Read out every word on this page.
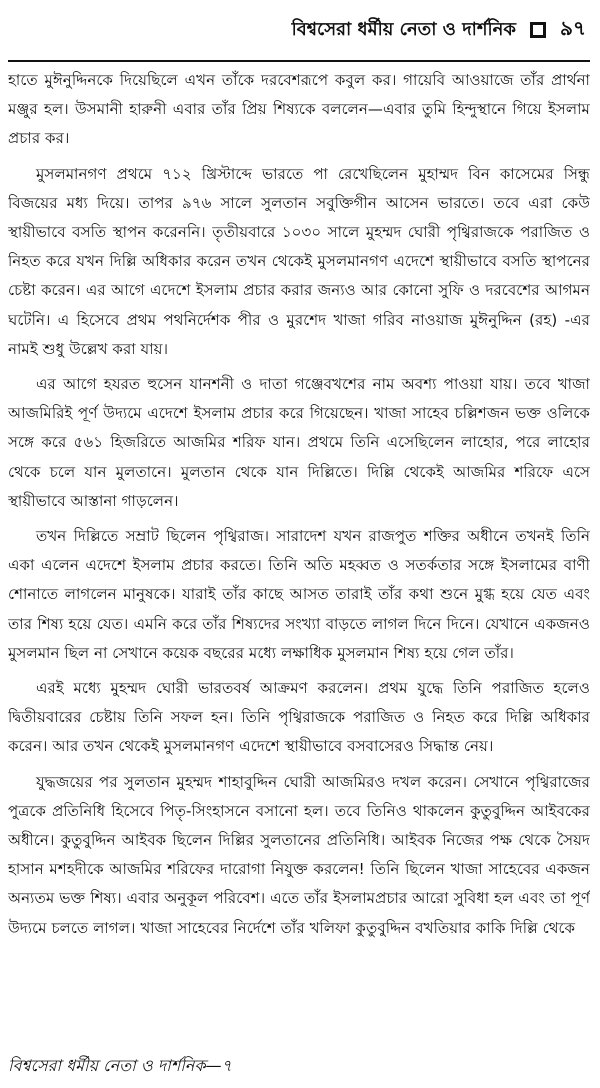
বিশ্বসেরা ধর্মীয় নেতা ও দার্শনিক ৯৭

হাতে মুঈনুদ্দিনকে দিয়েছিলে এখন তাঁকে দরবেশরূপে কবুল কর। গায়েবি আওয়াজে তাঁর প্রার্থনা মঞ্জুর হল। উসমানী হারুনী এবার তাঁর প্রিয় শিষ্যকে বললেন—এবার তুমি হিন্দুস্থানে গিয়ে ইসলাম প্রচার কর।

মুসলমানগণ প্রথমে ৭১২ খ্রিস্টাব্দে ভারতে পা রেখেছিলেন মুহাম্মদ বিন কাসেমের সিন্ধু বিজয়ের মধ্য দিয়ে। তাপর ৯৭৬ সালে সুলতান সবুক্তিগীন আসেন ভারতে। তবে এরা কেউ স্থায়ীভাবে বসতি স্থাপন করেননি। তৃতীয়বারে ১০৩০ সালে মুহম্মদ ঘোরী পৃথ্বিরাজকে পরাজিত ও নিহত করে যখন দিল্লি অধিকার করেন তখন থেকেই মুসলমানগণ এদেশে স্থায়ীভাবে বসতি স্থাপনের চেষ্টা করেন। এর আগে এদেশে ইসলাম প্রচার করার জন্যও আর কোনো সুফি ও দরবেশের আগমন ঘটেনি। এ হিসেবে প্রথম পথনির্দেশক পীর ও মুরশেদ খাজা গরিব নাওয়াজ মুঈনুদ্দিন (রহ) -এর নামই শুধু উল্লেখ করা যায়।

এর আগে হযরত হুসেন যানশনী ও দাতা গঞ্জেবখশের নাম অবশ্য পাওয়া যায়। তবে খাজা আজমিরিই পূর্ণ উদ্যমে এদেশে ইসলাম প্রচার করে গিয়েছেন। খাজা সাহেব চল্লিশজন ভক্ত ওলিকে সঙ্গে করে ৫৬১ হিজরিতে আজমির শরিফ যান। প্রথমে তিনি এসেছিলেন লাহোর, পরে লাহোর থেকে চলে যান মুলতানে। মুলতান থেকে যান দিল্লিতে। দিল্লি থেকেই আজমির শরিফে এসে স্থায়ীভাবে আস্তানা গাড়লেন।

তখন দিল্লিতে সম্রাট ছিলেন পৃথ্বিরাজ। সারাদেশ যখন রাজপুত শক্তির অধীনে তখনই তিনি একা এলেন এদেশে ইসলাম প্রচার করতে। তিনি অতি মহব্বত ও সতর্কতার সঙ্গে ইসলামের বাণী শোনাতে লাগলেন মানুষকে। যারাই তাঁর কাছে আসত তারাই তাঁর কথা শুনে মুগ্ধ হয়ে যেত এবং তার শিষ্য হয়ে যেত। এমনি করে তাঁর শিষ্যদের সংখ্যা বাড়তে লাগল দিনে দিনে। যেখানে একজনও মুসলমান ছিল না সেখানে কয়েক বছরের মধ্যে লক্ষাধিক মুসলমান শিষ্য হয়ে গেল তাঁর।

এরই মধ্যে মুহম্মদ ঘোরী ভারতবর্ষ আক্রমণ করলেন। প্রথম যুদ্ধে তিনি পরাজিত হলেও দ্বিতীয়বারের চেষ্টায় তিনি সফল হন। তিনি পৃথ্বিরাজকে পরাজিত ও নিহত করে দিল্লি অধিকার করেন। আর তখন থেকেই মুসলমানগণ এদেশে স্থায়ীভাবে বসবাসেরও সিদ্ধান্ত নেয়।

যুদ্ধজয়ের পর সুলতান মুহম্মদ শাহাবুদ্দিন ঘোরী আজমিরও দখল করেন। সেখানে পৃথ্বিরাজের পুত্রকে প্রতিনিধি হিসেবে পিতৃ-সিংহাসনে বসানো হল। তবে তিনিও থাকলেন কুতুবুদ্দিন আইবকের অধীনে। কুতুবুদ্দিন আইবক ছিলেন দিল্লির সুলতানের প্রতিনিধি। আইবক নিজের পক্ষ থেকে সৈয়দ হাসান মশহদীকে আজমির শরিফের দারোগা নিযুক্ত করলেন! তিনি ছিলেন খাজা সাহেবের একজন অন্যতম ভক্ত শিষ্য। এবার অনুকূল পরিবেশ। এতে তাঁর ইসলামপ্রচার আরো সুবিধা হল এবং তা পূর্ণ উদ্যমে চলতে লাগল। খাজা সাহেবের নির্দেশে তাঁর খলিফা কুতুবুদ্দিন বখতিয়ার কাকি দিল্লি থেকে

বিশ্বসেরা ধর্মীয় নেতা ও দার্শনিক—৭
